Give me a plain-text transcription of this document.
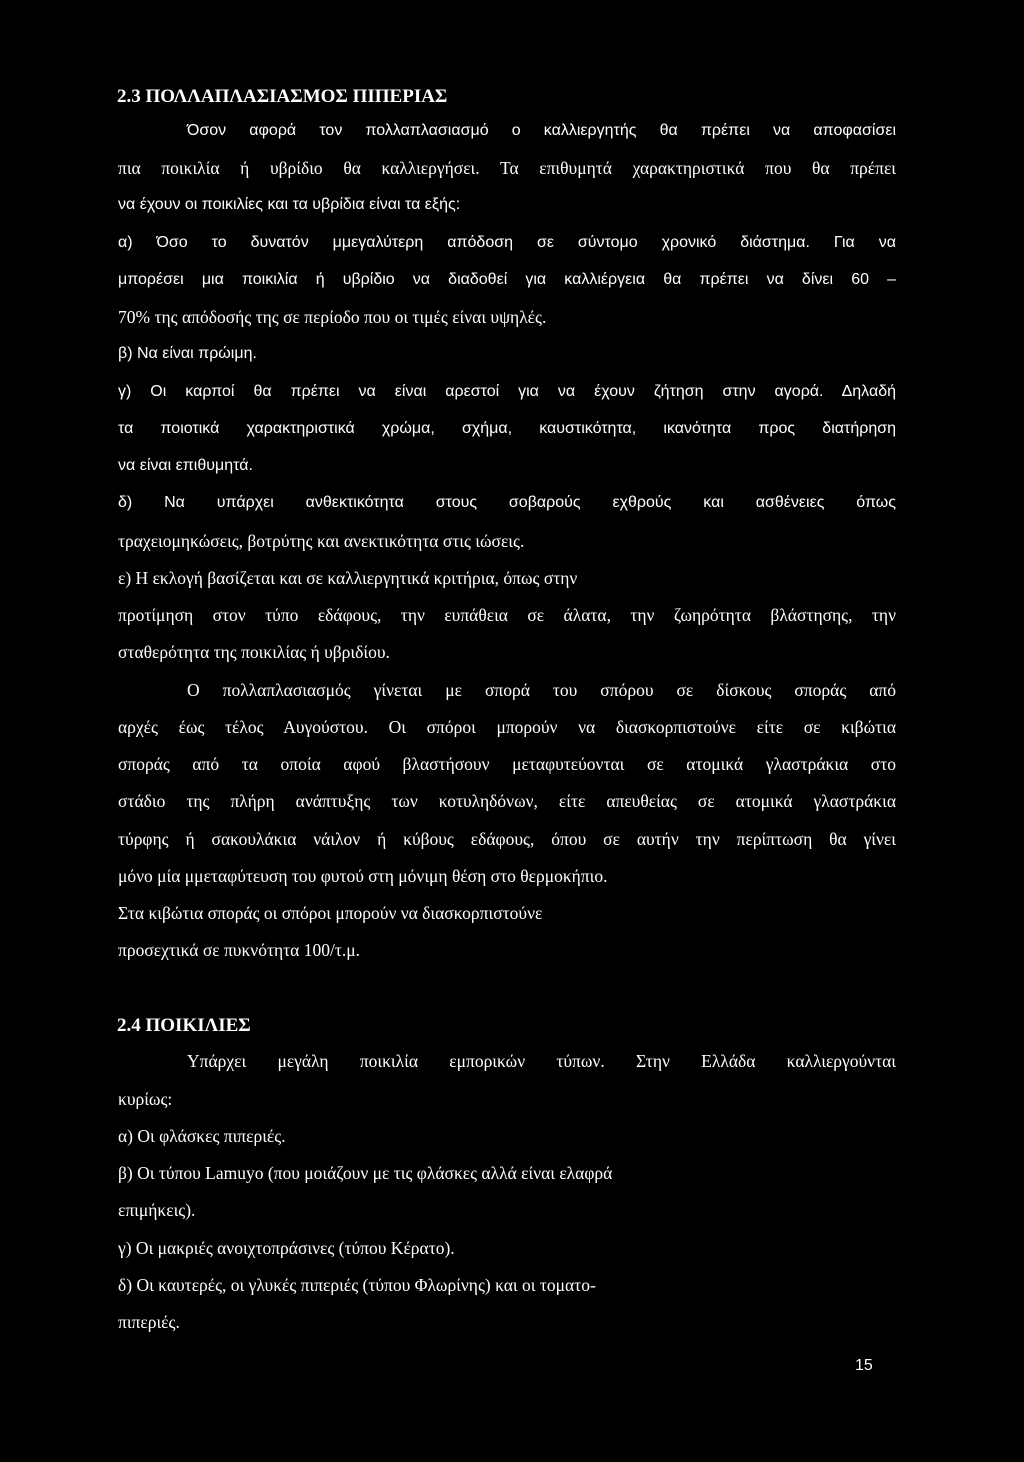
2.3 ΠΟΛΛΑΠΛΑΣΙΑΣΜΟΣ ΠΙΠΕΡΙΑΣ

Όσον αφορά τον πολλαπλασιασμό ο καλλιεργητής θα πρέπει να αποφασίσει

πια ποικιλία ή υβρίδιο θα καλλιεργήσει. Τα επιθυμητά χαρακτηριστικά που θα πρέπει

να έχουν οι ποικιλίες και τα υβρίδια είναι τα εξής:

α) Όσο το δυνατόν μμεγαλύτερη απόδοση σε σύντομο χρονικό διάστημα. Για να

μπορέσει μια ποικιλία ή υβρίδιο να διαδοθεί για καλλιέργεια θα πρέπει να δίνει 60 –

70% της απόδοσής της σε περίοδο που οι τιμές είναι υψηλές.

β) Να είναι πρώιμη.

γ) Οι καρποί θα πρέπει να είναι αρεστοί για να έχουν ζήτηση στην αγορά. Δηλαδή

τα ποιοτικά χαρακτηριστικά χρώμα, σχήμα, καυστικότητα, ικανότητα προς διατήρηση

να είναι επιθυμητά.

δ) Να υπάρχει ανθεκτικότητα στους σοβαρούς εχθρούς και ασθένειες όπως

τραχειομηκώσεις, βοτρύτης και ανεκτικότητα στις ιώσεις.

ε) Η εκλογή βασίζεται και σε καλλιεργητικά κριτήρια, όπως στην

προτίμηση στον τύπο εδάφους, την ευπάθεια σε άλατα, την ζωηρότητα βλάστησης, την

σταθερότητα της ποικιλίας ή υβριδίου.

Ο πολλαπλασιασμός γίνεται με σπορά του σπόρου σε δίσκους σποράς από

αρχές έως τέλος Αυγούστου. Οι σπόροι μπορούν να διασκορπιστούνε είτε σε κιβώτια

σποράς από τα οποία αφού βλαστήσουν μεταφυτεύονται σε ατομικά γλαστράκια στο

στάδιο της πλήρη ανάπτυξης των κοτυληδόνων, είτε απευθείας σε ατομικά γλαστράκια

τύρφης ή σακουλάκια νάιλον ή κύβους εδάφους, όπου σε αυτήν την περίπτωση θα γίνει

μόνο μία μμεταφύτευση του φυτού στη μόνιμη θέση στο θερμοκήπιο.

Στα κιβώτια σποράς οι σπόροι μπορούν να διασκορπιστούνε

προσεχτικά σε πυκνότητα 100/τ.μ.

2.4 ΠΟΙΚΙΛΙΕΣ

Υπάρχει μεγάλη ποικιλία εμπορικών τύπων. Στην Ελλάδα καλλιεργούνται

κυρίως:

α) Οι φλάσκες πιπεριές.

β) Οι τύπου Lamuyo (που μοιάζουν με τις φλάσκες αλλά είναι ελαφρά

επιμήκεις).

γ) Οι μακριές ανοιχτοπράσινες (τύπου Κέρατο).

δ) Οι καυτερές, οι γλυκές πιπεριές (τύπου Φλωρίνης) και οι τοματο-

πιπεριές.

15
